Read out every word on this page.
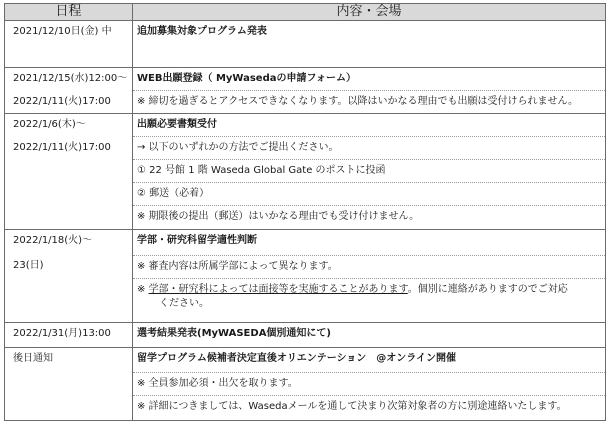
日程	内容・会場

2021/12/10日(金) 中	追加募集対象プログラム発表

2021/12/15(水)12:00～	WEB出願登録（ MyWasedaの申請フォーム）

2022/1/11(火)17:00	※ 締切を過ぎるとアクセスできなくなります。以降はいかなる理由でも出願は受付けられません。

2022/1/6(木)～	出願必要書類受付

2022/1/11(火)17:00	→ 以下のいずれかの方法でご提出ください。

	① 22 号館 1 階 Waseda Global Gate のポストに投函

	② 郵送（必着）

	※ 期限後の提出（郵送）はいかなる理由でも受け付けません。

2022/1/18(火)～	学部・研究科留学適性判断

23(日)	※ 審査内容は所属学部によって異なります。

	※ 学部・研究科によっては面接等を実施することがあります。個別に連絡がありますのでご対応
ください。

2022/1/31(月)13:00	選考結果発表(MyWASEDA個別通知にて)

後日通知	留学プログラム候補者決定直後オリエンテーション　@オンライン開催

	※ 全員参加必須・出欠を取ります。

	※ 詳細につきましては、Wasedaメールを通して決まり次第対象者の方に別途連絡いたします。
